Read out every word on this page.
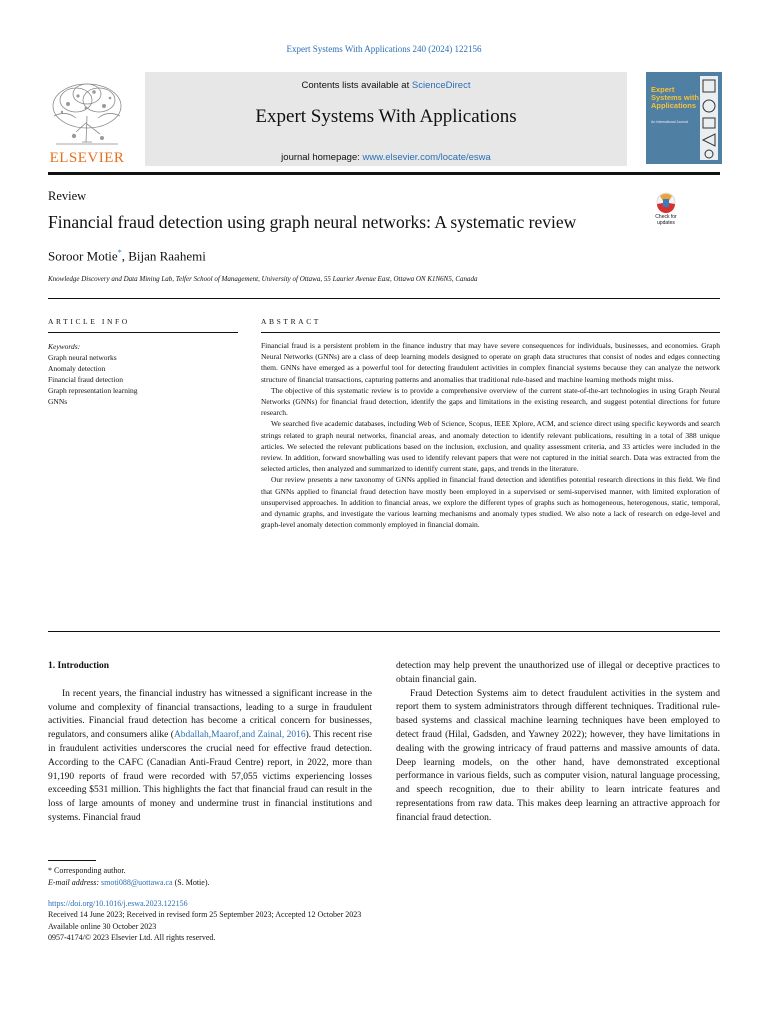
Expert Systems With Applications 240 (2024) 122156
Contents lists available at ScienceDirect
Expert Systems With Applications
journal homepage: www.elsevier.com/locate/eswa
ELSEVIER
Expert Systems with Applications
An International Journal
Review
Financial fraud detection using graph neural networks: A systematic review	Check for updates
Soroor Motie*, Bijan Raahemi
Knowledge Discovery and Data Mining Lab, Telfer School of Management, University of Ottawa, 55 Laurier Avenue East, Ottawa ON K1N6N5, Canada
ARTICLE INFO	ABSTRACT
Keywords:
Graph neural networks
Anomaly detection
Financial fraud detection
Graph representation learning
GNNs

Financial fraud is a persistent problem in the finance industry that may have severe consequences for individuals, businesses, and economies. Graph Neural Networks (GNNs) are a class of deep learning models designed to operate on graph data structures that consist of nodes and edges connecting them. GNNs have emerged as a powerful tool for detecting fraudulent activities in complex financial systems because they can analyze the network structure of financial transactions, capturing patterns and anomalies that traditional rule-based and machine learning methods might miss.

The objective of this systematic review is to provide a comprehensive overview of the current state-of-the-art technologies in using Graph Neural Networks (GNNs) for financial fraud detection, identify the gaps and limitations in the existing research, and suggest potential directions for future research.

We searched five academic databases, including Web of Science, Scopus, IEEE Xplore, ACM, and science direct using specific keywords and search strings related to graph neural networks, financial areas, and anomaly detection to identify relevant publications, resulting in a total of 388 unique articles. We selected the relevant publications based on the inclusion, exclusion, and quality assessment criteria, and 33 articles were included in the review. In addition, forward snowballing was used to identify relevant papers that were not captured in the initial search. Data was extracted from the selected articles, then analyzed and summarized to identify current state, gaps, and trends in the literature.

Our review presents a new taxonomy of GNNs applied in financial fraud detection and identifies potential research directions in this field. We find that GNNs applied to financial fraud detection have mostly been employed in a supervised or semi-supervised manner, with limited exploration of unsupervised approaches. In addition to financial areas, we explore the different types of graphs such as homogeneous, heterogenous, static, temporal, and dynamic graphs, and investigate the various learning mechanisms and anomaly types studied. We also note a lack of research on edge-level and graph-level anomaly detection commonly employed in financial domain.

1. Introduction

In recent years, the financial industry has witnessed a significant increase in the volume and complexity of financial transactions, leading to a surge in fraudulent activities. Financial fraud detection has become a critical concern for businesses, regulators, and consumers alike (Abdallah,Maarof,and Zainal, 2016). This recent rise in fraudulent activities underscores the crucial need for effective fraud detection. According to the CAFC (Canadian Anti-Fraud Centre) report, in 2022, more than 91,190 reports of fraud were recorded with 57,055 victims experiencing losses exceeding $531 million. This highlights the fact that financial fraud can result in the loss of large amounts of money and undermine trust in financial institutions and systems. Financial fraud

detection may help prevent the unauthorized use of illegal or deceptive practices to obtain financial gain.

Fraud Detection Systems aim to detect fraudulent activities in the system and report them to system administrators through different techniques. Traditional rule-based systems and classical machine learning techniques have been employed to detect fraud (Hilal, Gadsden, and Yawney 2022); however, they have limitations in dealing with the growing intricacy of fraud patterns and massive amounts of data. Deep learning models, on the other hand, have demonstrated exceptional performance in various fields, such as computer vision, natural language processing, and speech recognition, due to their ability to learn intricate features and representations from raw data. This makes deep learning an attractive approach for financial fraud detection.

* Corresponding author.
E-mail address: smoti088@uottawa.ca (S. Motie).
https://doi.org/10.1016/j.eswa.2023.122156
Received 14 June 2023; Received in revised form 25 September 2023; Accepted 12 October 2023
Available online 30 October 2023
0957-4174/© 2023 Elsevier Ltd. All rights reserved.
